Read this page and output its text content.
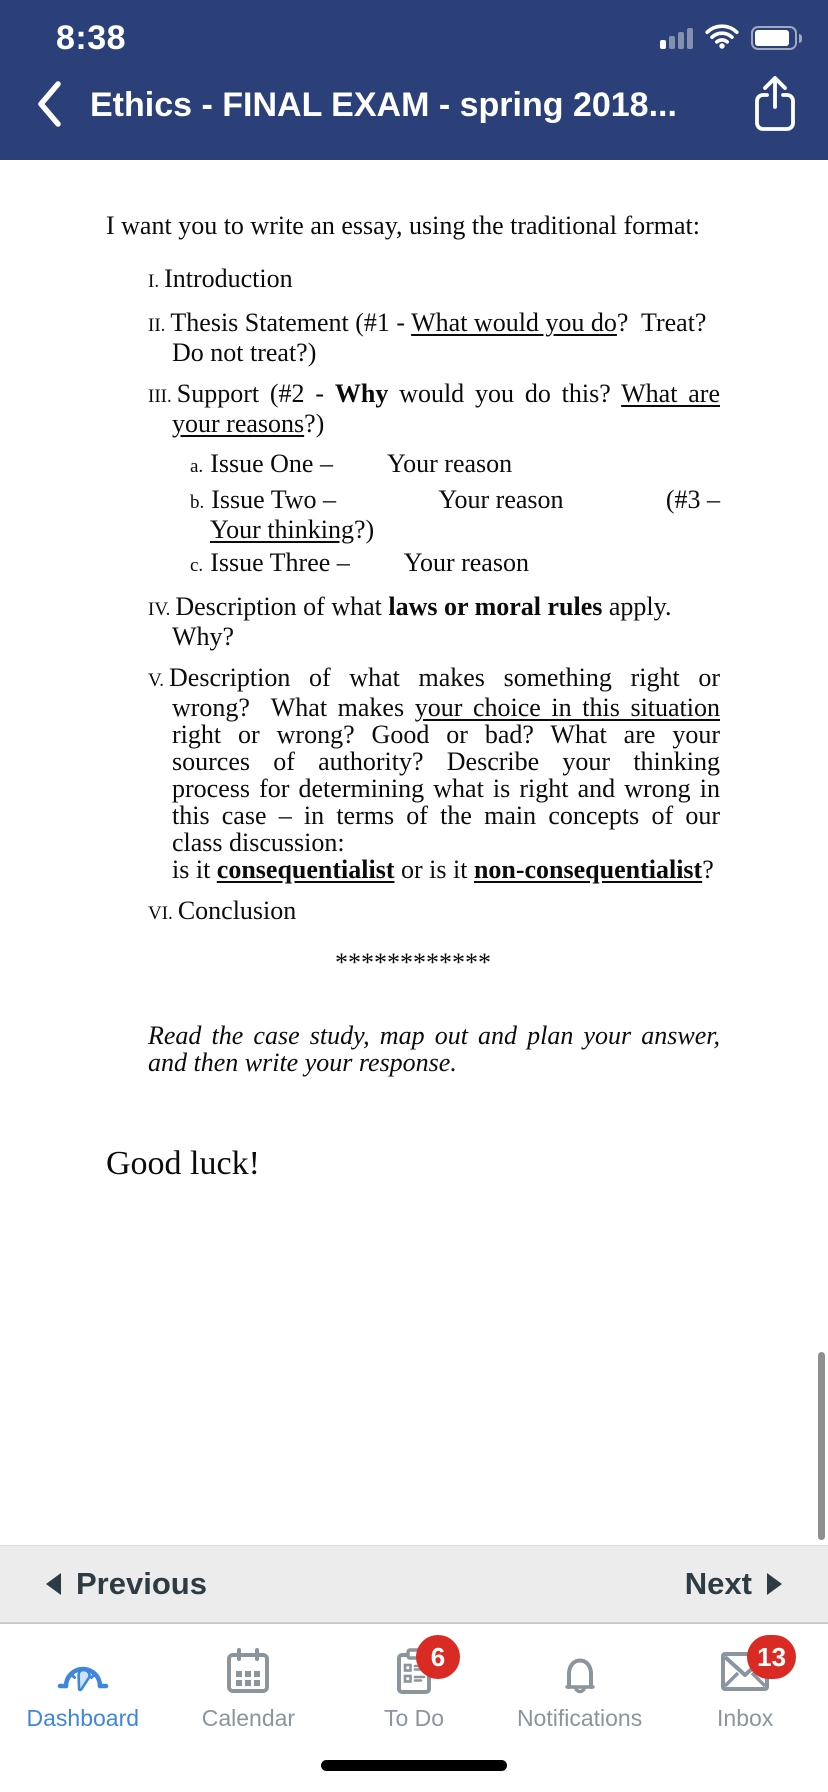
8:38
Ethics - FINAL EXAM - spring 2018...

I want you to write an essay, using the traditional format:

I. Introduction
II. Thesis Statement (#1 - What would you do?  Treat?
Do not treat?)
III. Support (#2 - Why would you do this? What are
your reasons?)
a. Issue One – Your reason
b. Issue Two –	Your reason	(#3 –
Your thinking?)
c. Issue Three – Your reason
IV. Description of what laws or moral rules apply.
Why?
V. Description of what makes something right or
wrong?  What makes your choice in this situation
right or wrong? Good or bad? What are your
sources of authority? Describe your thinking
process for determining what is right and wrong in
this case – in terms of the main concepts of our
class discussion:
is it consequentialist or is it non-consequentialist?
VI. Conclusion
************
Read the case study, map out and plan your answer,
and then write your response.
Good luck!
Previous	Next
Dashboard	Calendar
6
To Do	Notifications
13
Inbox
